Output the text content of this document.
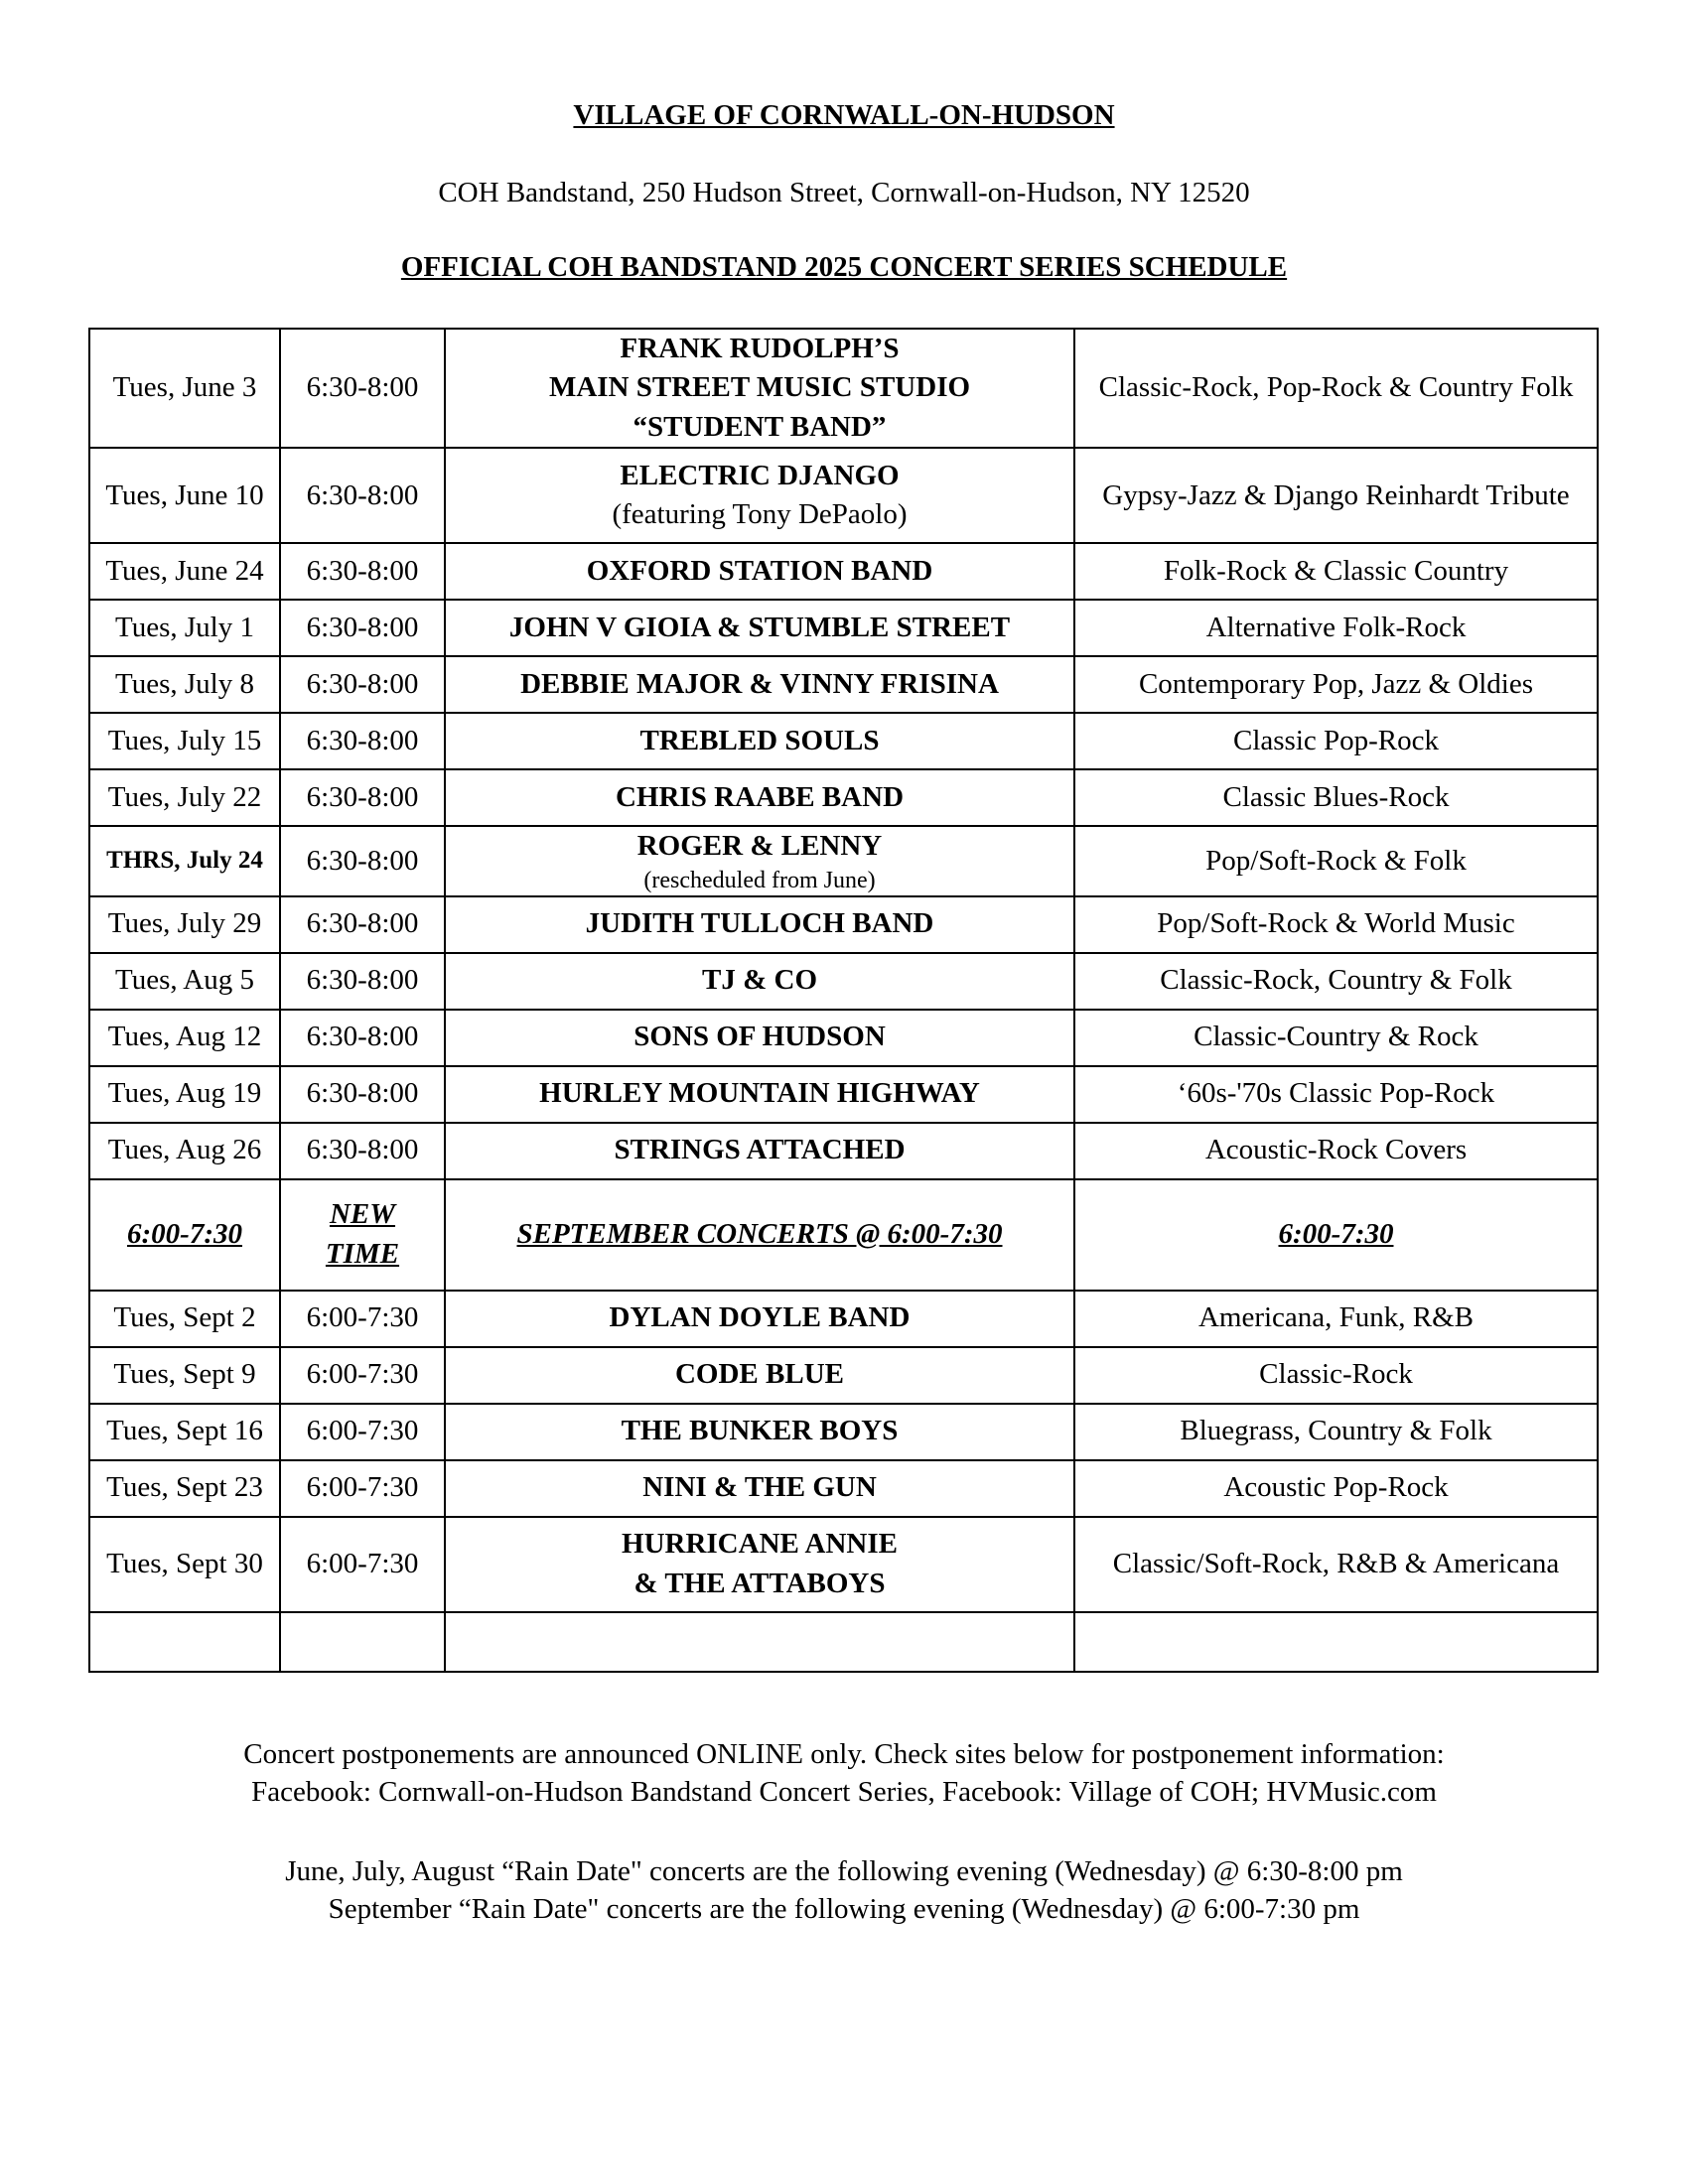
VILLAGE OF CORNWALL-ON-HUDSON
COH Bandstand, 250 Hudson Street, Cornwall-on-Hudson, NY 12520
OFFICIAL COH BANDSTAND 2025 CONCERT SERIES SCHEDULE
Tues, June 3	6:30-8:00	FRANK RUDOLPH’S
MAIN STREET MUSIC STUDIO
“STUDENT BAND”	Classic-Rock, Pop-Rock & Country Folk
Tues, June 10	6:30-8:00	ELECTRIC DJANGO
(featuring Tony DePaolo)	Gypsy-Jazz & Django Reinhardt Tribute
Tues, June 24	6:30-8:00	OXFORD STATION BAND	Folk-Rock & Classic Country
Tues, July 1	6:30-8:00	JOHN V GIOIA & STUMBLE STREET	Alternative Folk-Rock
Tues, July 8	6:30-8:00	DEBBIE MAJOR & VINNY FRISINA	Contemporary Pop, Jazz & Oldies
Tues, July 15	6:30-8:00	TREBLED SOULS	Classic Pop-Rock
Tues, July 22	6:30-8:00	CHRIS RAABE BAND	Classic Blues-Rock
THRS, July 24	6:30-8:00	ROGER & LENNY
(rescheduled from June)	Pop/Soft-Rock & Folk
Tues, July 29	6:30-8:00	JUDITH TULLOCH BAND	Pop/Soft-Rock & World Music
Tues, Aug 5	6:30-8:00	TJ & CO	Classic-Rock, Country & Folk
Tues, Aug 12	6:30-8:00	SONS OF HUDSON	Classic-Country & Rock
Tues, Aug 19	6:30-8:00	HURLEY MOUNTAIN HIGHWAY	‘60s-'70s Classic Pop-Rock
Tues, Aug 26	6:30-8:00	STRINGS ATTACHED	Acoustic-Rock Covers
6:00-7:30	NEW
TIME	SEPTEMBER CONCERTS @ 6:00-7:30	6:00-7:30
Tues, Sept 2	6:00-7:30	DYLAN DOYLE BAND	Americana, Funk, R&B
Tues, Sept 9	6:00-7:30	CODE BLUE	Classic-Rock
Tues, Sept 16	6:00-7:30	THE BUNKER BOYS	Bluegrass, Country & Folk
Tues, Sept 23	6:00-7:30	NINI & THE GUN	Acoustic Pop-Rock
Tues, Sept 30	6:00-7:30	HURRICANE ANNIE
& THE ATTABOYS	Classic/Soft-Rock, R&B & Americana

Concert postponements are announced ONLINE only. Check sites below for postponement information:
Facebook: Cornwall-on-Hudson Bandstand Concert Series, Facebook: Village of COH; HVMusic.com
June, July, August “Rain Date" concerts are the following evening (Wednesday) @ 6:30-8:00 pm
September “Rain Date" concerts are the following evening (Wednesday) @ 6:00-7:30 pm
